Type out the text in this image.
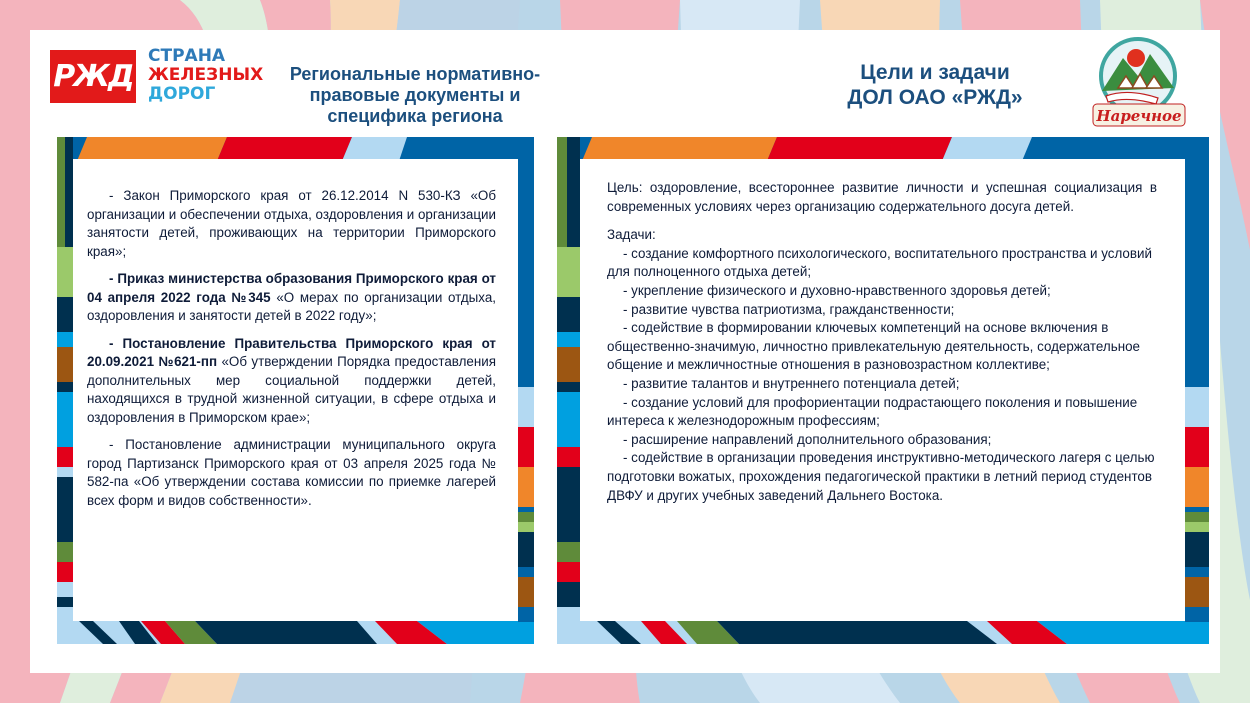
РЖД
СТРАНА
ЖЕЛЕЗНЫХ
ДОРОГ
Региональные нормативно-правовые документы и специфика региона
Цели и задачи
ДОЛ ОАО «РЖД»
Наречное

- Закон Приморского края от 26.12.2014 N 530-КЗ «Об организации и обеспечении отдыха, оздоровления и организации занятости детей, проживающих на территории Приморского края»;

- Приказ министерства образования Приморского края от 04 апреля 2022 года №345 «О мерах по организации отдыха, оздоровления и занятости детей в 2022 году»;

- Постановление Правительства Приморского края от 20.09.2021 №621-пп «Об утверждении Порядка предоставления дополнительных мер социальной поддержки детей, находящихся в трудной жизненной ситуации, в сфере отдыха и оздоровления в Приморском крае»;

- Постановление администрации муниципального округа город Партизанск Приморского края от 03 апреля 2025 года № 582-па «Об утверждении состава комиссии по приемке лагерей всех форм и видов собственности».

Цель: оздоровление, всестороннее развитие личности и успешная социализация в современных условиях через организацию содержательного досуга детей.

Задачи:

- создание комфортного психологического, воспитательного пространства и условий для полноценного отдыха детей;

- укрепление физического и духовно-нравственного здоровья детей;

- развитие чувства патриотизма, гражданственности;

- содействие в формировании ключевых компетенций на основе включения в общественно-значимую, личностно привлекательную деятельность, содержательное общение и межличностные отношения в разновозрастном коллективе;

- развитие талантов и внутреннего потенциала детей;

- создание условий для профориентации подрастающего поколения и повышение интереса к железнодорожным профессиям;

- расширение направлений дополнительного образования;

- содействие в организации проведения инструктивно-методического лагеря с целью подготовки вожатых, прохождения педагогической практики в летний период студентов ДВФУ и других учебных заведений Дальнего Востока.
